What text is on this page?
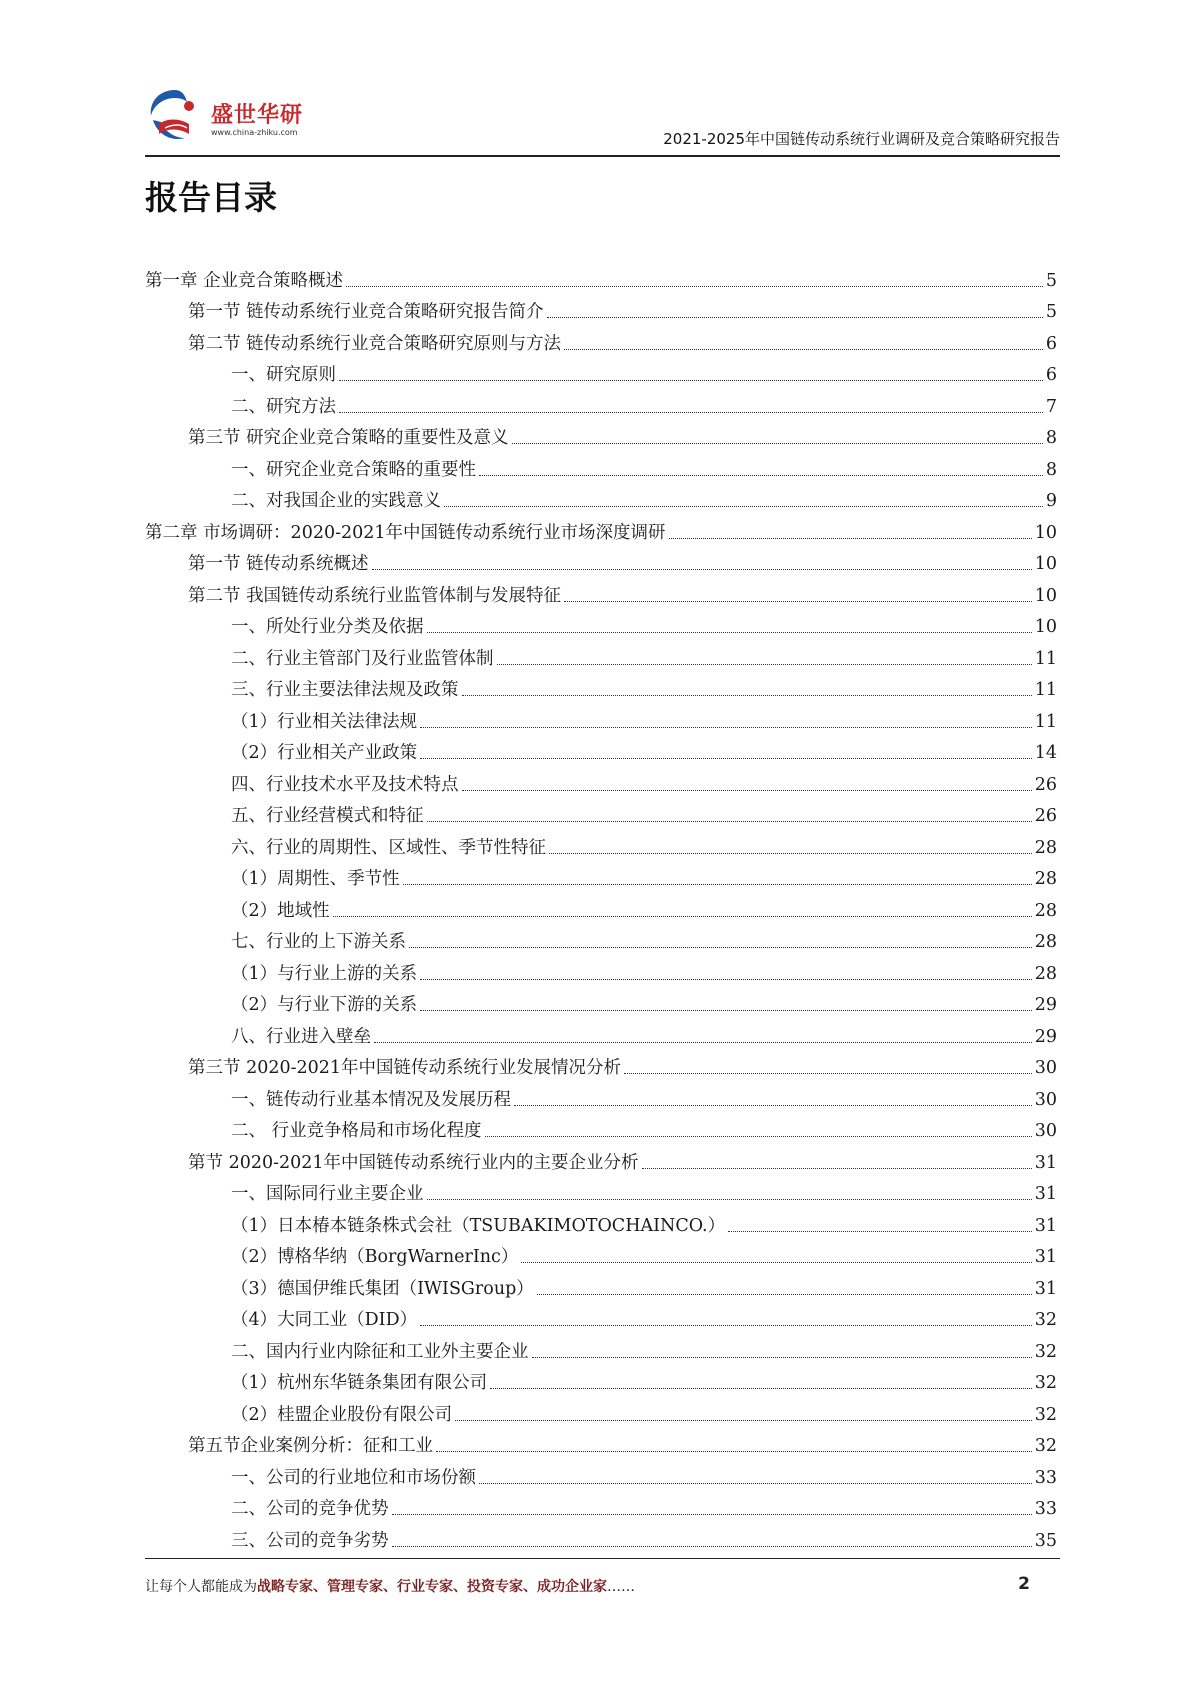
盛世华研
www.china-zhiku.com	2021-2025年中国链传动系统行业调研及竞合策略研究报告
报告目录
第一章 企业竞合策略概述	5
第一节 链传动系统行业竞合策略研究报告简介	5
第二节 链传动系统行业竞合策略研究原则与方法	6
一、研究原则	6
二、研究方法	7
第三节 研究企业竞合策略的重要性及意义	8
一、研究企业竞合策略的重要性	8
二、对我国企业的实践意义	9
第二章 市场调研：2020-2021年中国链传动系统行业市场深度调研	10
第一节 链传动系统概述	10
第二节 我国链传动系统行业监管体制与发展特征	10
一、所处行业分类及依据	10
二、行业主管部门及行业监管体制	11
三、行业主要法律法规及政策	11
（1）行业相关法律法规	11
（2）行业相关产业政策	14
四、行业技术水平及技术特点	26
五、行业经营模式和特征	26
六、行业的周期性、区域性、季节性特征	28
（1）周期性、季节性	28
（2）地域性	28
七、行业的上下游关系	28
（1）与行业上游的关系	28
（2）与行业下游的关系	29
八、行业进入壁垒	29
第三节 2020-2021年中国链传动系统行业发展情况分析	30
一、链传动行业基本情况及发展历程	30
二、 行业竞争格局和市场化程度	30
第节 2020-2021年中国链传动系统行业内的主要企业分析	31
一、国际同行业主要企业	31
（1）日本椿本链条株式会社（TSUBAKIMOTOCHAINCO.）	31
（2）博格华纳（BorgWarnerInc）	31
（3）德国伊维氏集团（IWISGroup）	31
（4）大同工业（DID）	32
二、国内行业内除征和工业外主要企业	32
（1）杭州东华链条集团有限公司	32
（2）桂盟企业股份有限公司	32
第五节企业案例分析：征和工业	32
一、公司的行业地位和市场份额	33
二、公司的竞争优势	33
三、公司的竞争劣势	35
让每个人都能成为战略专家、管理专家、行业专家、投资专家、成功企业家……	2
